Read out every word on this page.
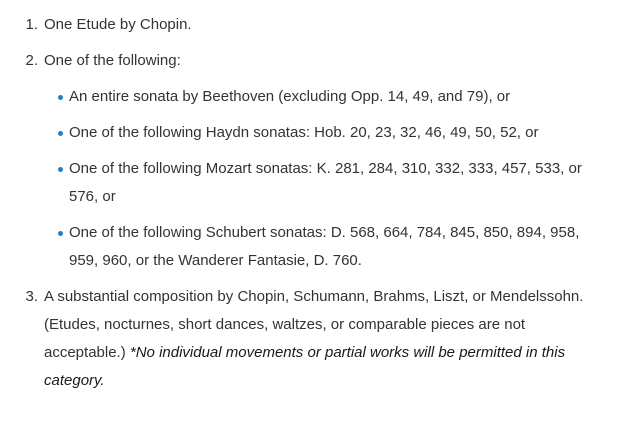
1. One Etude by Chopin.
2. One of the following:
An entire sonata by Beethoven (excluding Opp. 14, 49, and 79), or
One of the following Haydn sonatas: Hob. 20, 23, 32, 46, 49, 50, 52, or
One of the following Mozart sonatas: K. 281, 284, 310, 332, 333, 457, 533, or 576, or
One of the following Schubert sonatas: D. 568, 664, 784, 845, 850, 894, 958, 959, 960, or the Wanderer Fantasie, D. 760.
3. A substantial composition by Chopin, Schumann, Brahms, Liszt, or Mendelssohn. (Etudes, nocturnes, short dances, waltzes, or comparable pieces are not acceptable.) *No individual movements or partial works will be permitted in this category.
